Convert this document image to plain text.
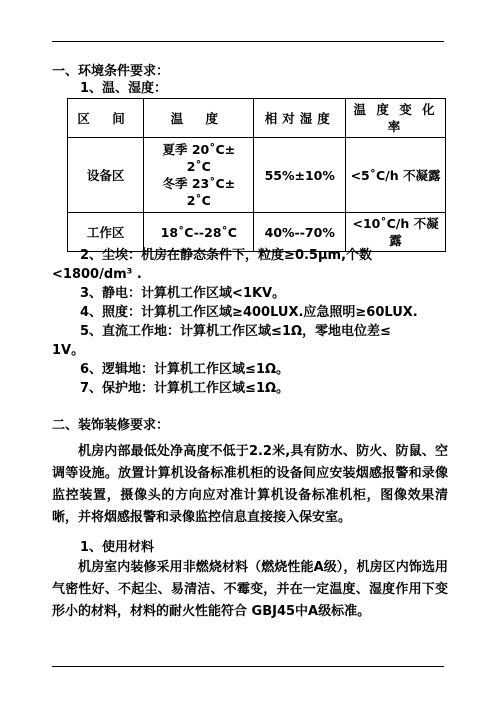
一、环境条件要求：
1、温、湿度：
区 间	温 度	相对湿度	温 度 变 化 率
设备区	夏季 20˚C±
2˚C
冬季 23˚C±
2˚C	55%±10%	<5˚C/h 不凝露
工作区	18˚C--28˚C	40%--70%	<10˚C/h 不凝露
2、尘埃：机房在静态条件下，粒度≥0.5μm,个数
<1800/dm³ .
3、静电：计算机工作区域<1KV。
4、照度：计算机工作区域≥400LUX.应急照明≥60LUX.
5、直流工作地：计算机工作区域≤1Ω，零地电位差≤
1V。
6、逻辑地：计算机工作区域≤1Ω。
7、保护地：计算机工作区域≤1Ω。
二、装饰装修要求：
机房内部最低处净高度不低于2.2米,具有防水、防火、防鼠、空调等设施。放置计算机设备标准机柜的设备间应安装烟感报警和录像监控装置，摄像头的方向应对准计算机设备标准机柜，图像效果清晰，并将烟感报警和录像监控信息直接接入保安室。
1、使用材料
机房室内装修采用非燃烧材料（燃烧性能A级），机房区内饰选用气密性好、不起尘、易清洁、不霉变，并在一定温度、湿度作用下变形小的材料，材料的耐火性能符合 GBJ45中A级标准。
